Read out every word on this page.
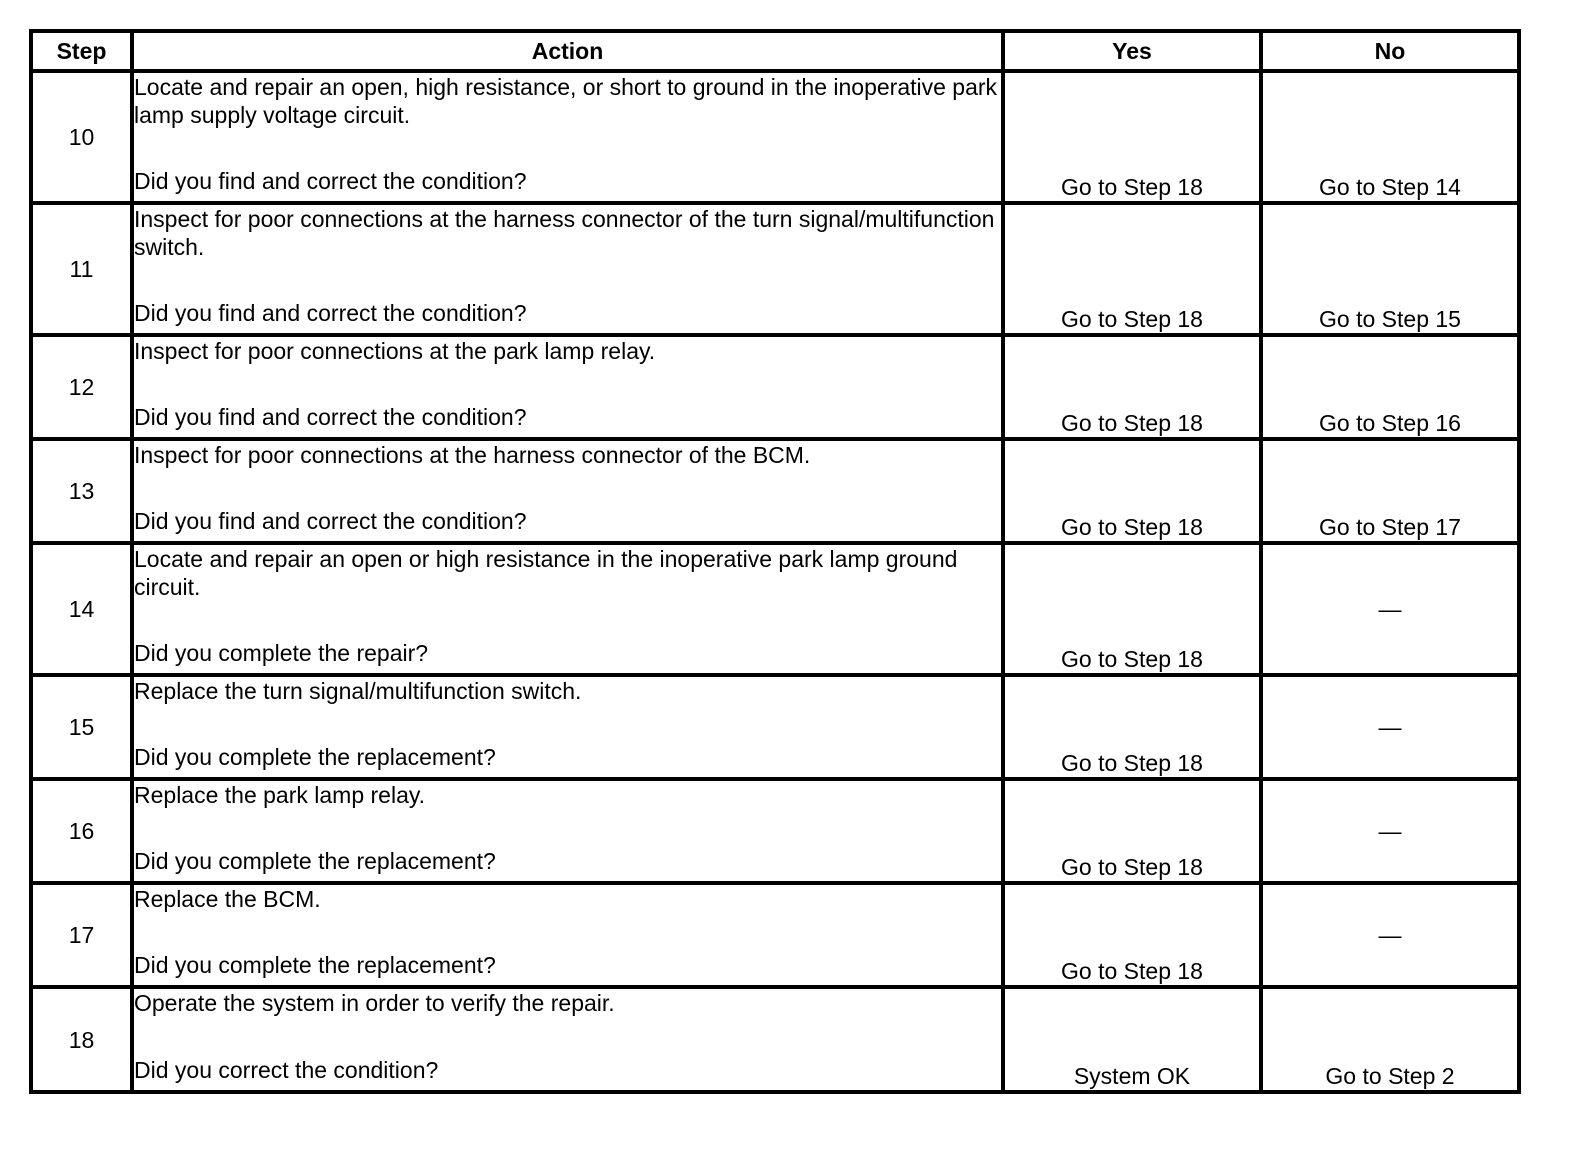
Step	Action	Yes	No
10	Locate and repair an open, high resistance, or short to ground in the inoperative park lamp supply voltage circuit.
Did you find and correct the condition?	Go to Step 18	Go to Step 14
11	Inspect for poor connections at the harness connector of the turn signal/multifunction switch.
Did you find and correct the condition?	Go to Step 18	Go to Step 15
12	Inspect for poor connections at the park lamp relay.
Did you find and correct the condition?	Go to Step 18	Go to Step 16
13	Inspect for poor connections at the harness connector of the BCM.
Did you find and correct the condition?	Go to Step 18	Go to Step 17
14	Locate and repair an open or high resistance in the inoperative park lamp ground circuit.
Did you complete the repair?	Go to Step 18	—
15	Replace the turn signal/multifunction switch.
Did you complete the replacement?	Go to Step 18	—
16	Replace the park lamp relay.
Did you complete the replacement?	Go to Step 18	—
17	Replace the BCM.
Did you complete the replacement?	Go to Step 18	—
18	Operate the system in order to verify the repair.
Did you correct the condition?	System OK	Go to Step 2
